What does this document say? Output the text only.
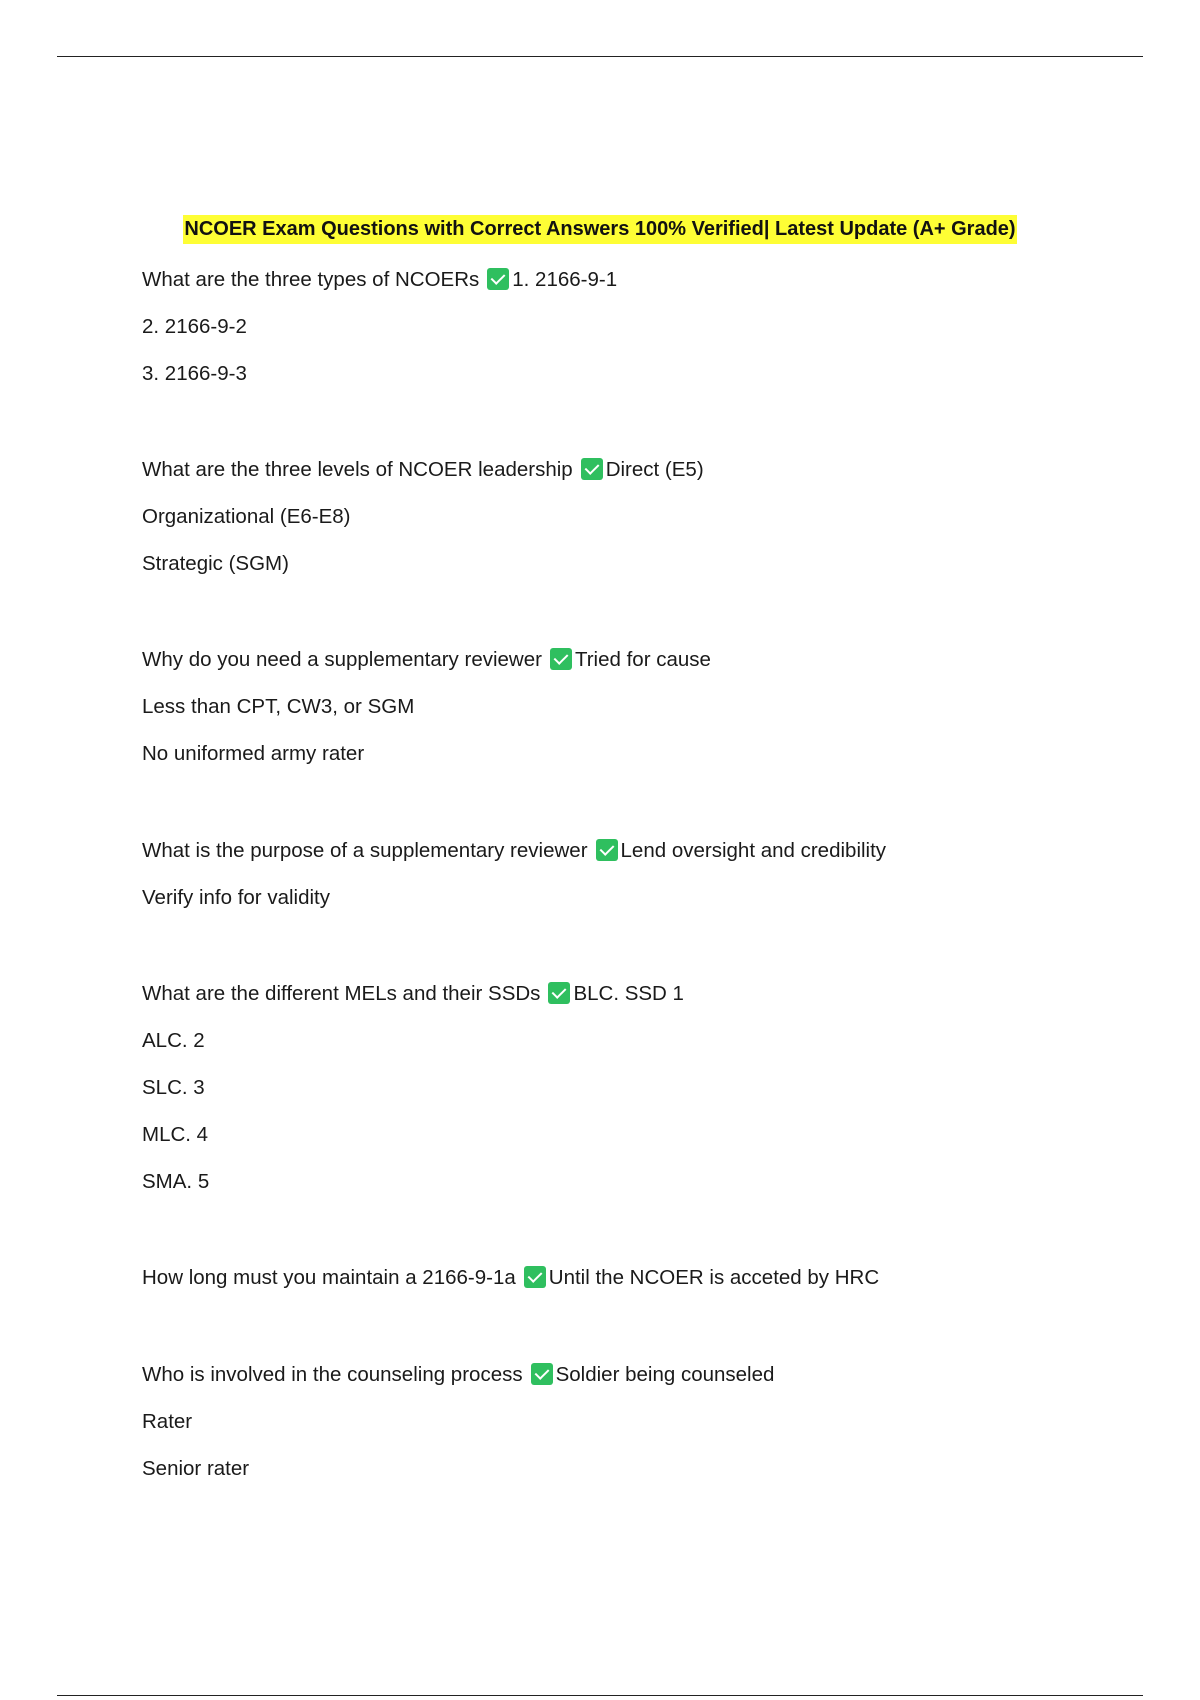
NCOER Exam Questions with Correct Answers 100% Verified| Latest Update (A+ Grade)
What are the three types of NCOERs 1. 2166-9-1
2. 2166-9-2
3. 2166-9-3
What are the three levels of NCOER leadership Direct (E5)
Organizational (E6-E8)
Strategic (SGM)
Why do you need a supplementary reviewer Tried for cause
Less than CPT, CW3, or SGM
No uniformed army rater
What is the purpose of a supplementary reviewer Lend oversight and credibility
Verify info for validity
What are the different MELs and their SSDs BLC. SSD 1
ALC. 2
SLC. 3
MLC. 4
SMA. 5
How long must you maintain a 2166-9-1a Until the NCOER is acceted by HRC
Who is involved in the counseling process Soldier being counseled
Rater
Senior rater
